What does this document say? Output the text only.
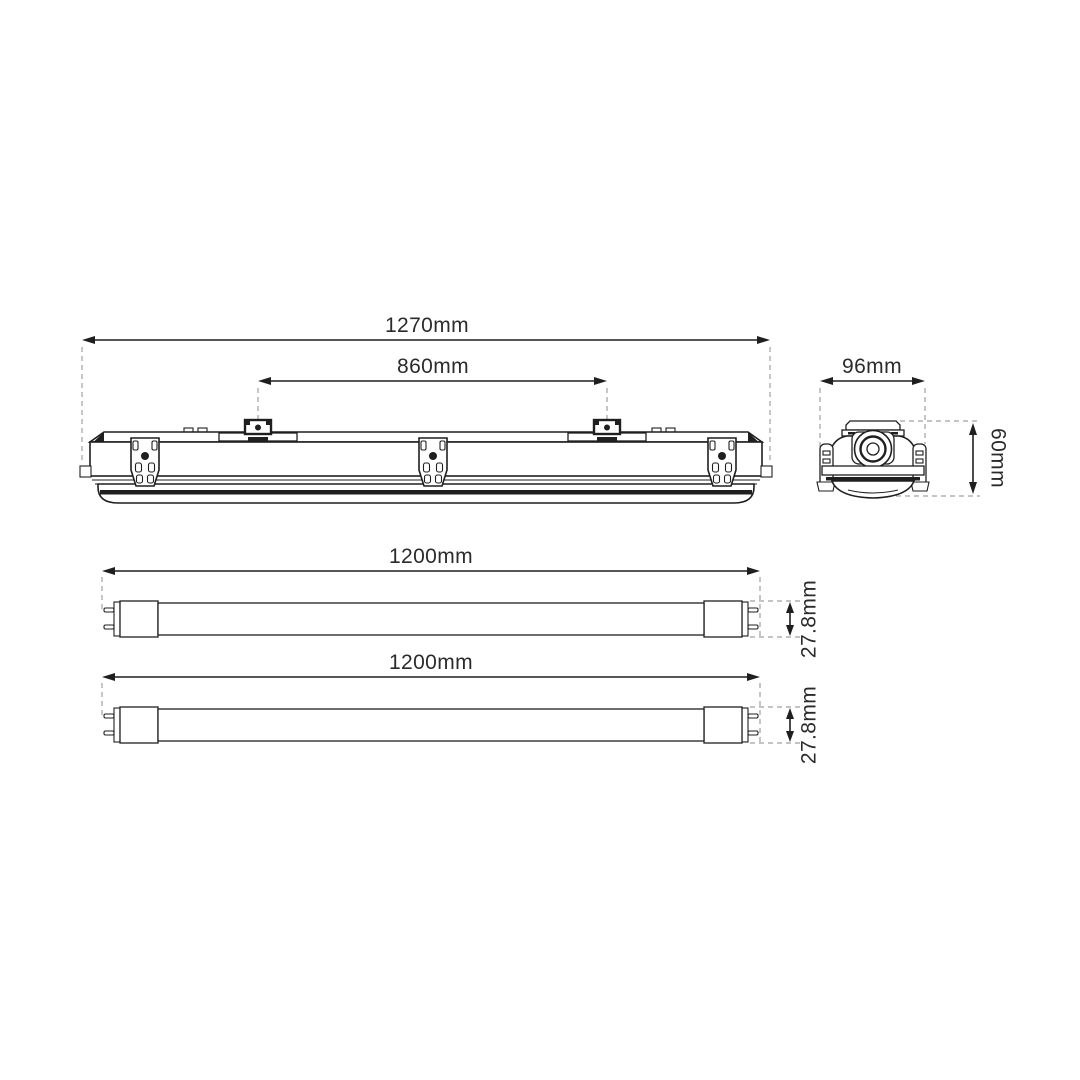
1270mm
860mm	96mm
60mm
1200mm
27.8mm
1200mm
27.8mm
